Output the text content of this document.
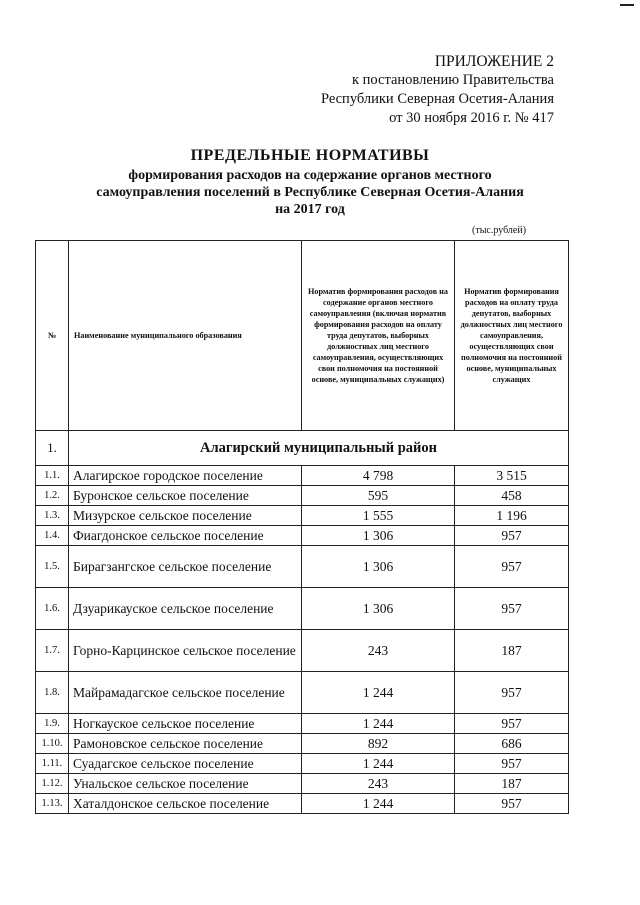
ПРИЛОЖЕНИЕ 2
к постановлению Правительства
Республики Северная Осетия-Алания
от 30 ноября 2016 г. № 417
ПРЕДЕЛЬНЫЕ НОРМАТИВЫ
формирования расходов на содержание органов местного
самоуправления поселений в Республике Северная Осетия-Алания
на 2017 год
(тыс.рублей)
№	Наименование муниципального образования	Норматив формирования расходов на содержание органов местного самоуправления (включая норматив формирования расходов на оплату труда депутатов, выборных должностных лиц местного самоуправления, осуществляющих свои полномочия на постоянной основе, муниципальных служащих)	Норматив формирования расходов на оплату труда депутатов, выборных должностных лиц местного самоуправления, осуществляющих свои полномочия на постоянной основе, муниципальных служащих
1.	Алагирский муниципальный район		
1.1.	Алагирское городское поселение	4 798	3 515
1.2.	Буронское сельское поселение	595	458
1.3.	Мизурское сельское поселение	1 555	1 196
1.4.	Фиагдонское сельское поселение	1 306	957
1.5.	Бирагзангское сельское поселение	1 306	957
1.6.	Дзуарикауское сельское поселение	1 306	957
1.7.	Горно-Карцинское сельское поселение	243	187
1.8.	Майрамадагское сельское поселение	1 244	957
1.9.	Ногкауское сельское поселение	1 244	957
1.10.	Рамоновское сельское поселение	892	686
1.11.	Суадагское сельское поселение	1 244	957
1.12.	Унальское сельское поселение	243	187
1.13.	Хаталдонское сельское поселение	1 244	957
